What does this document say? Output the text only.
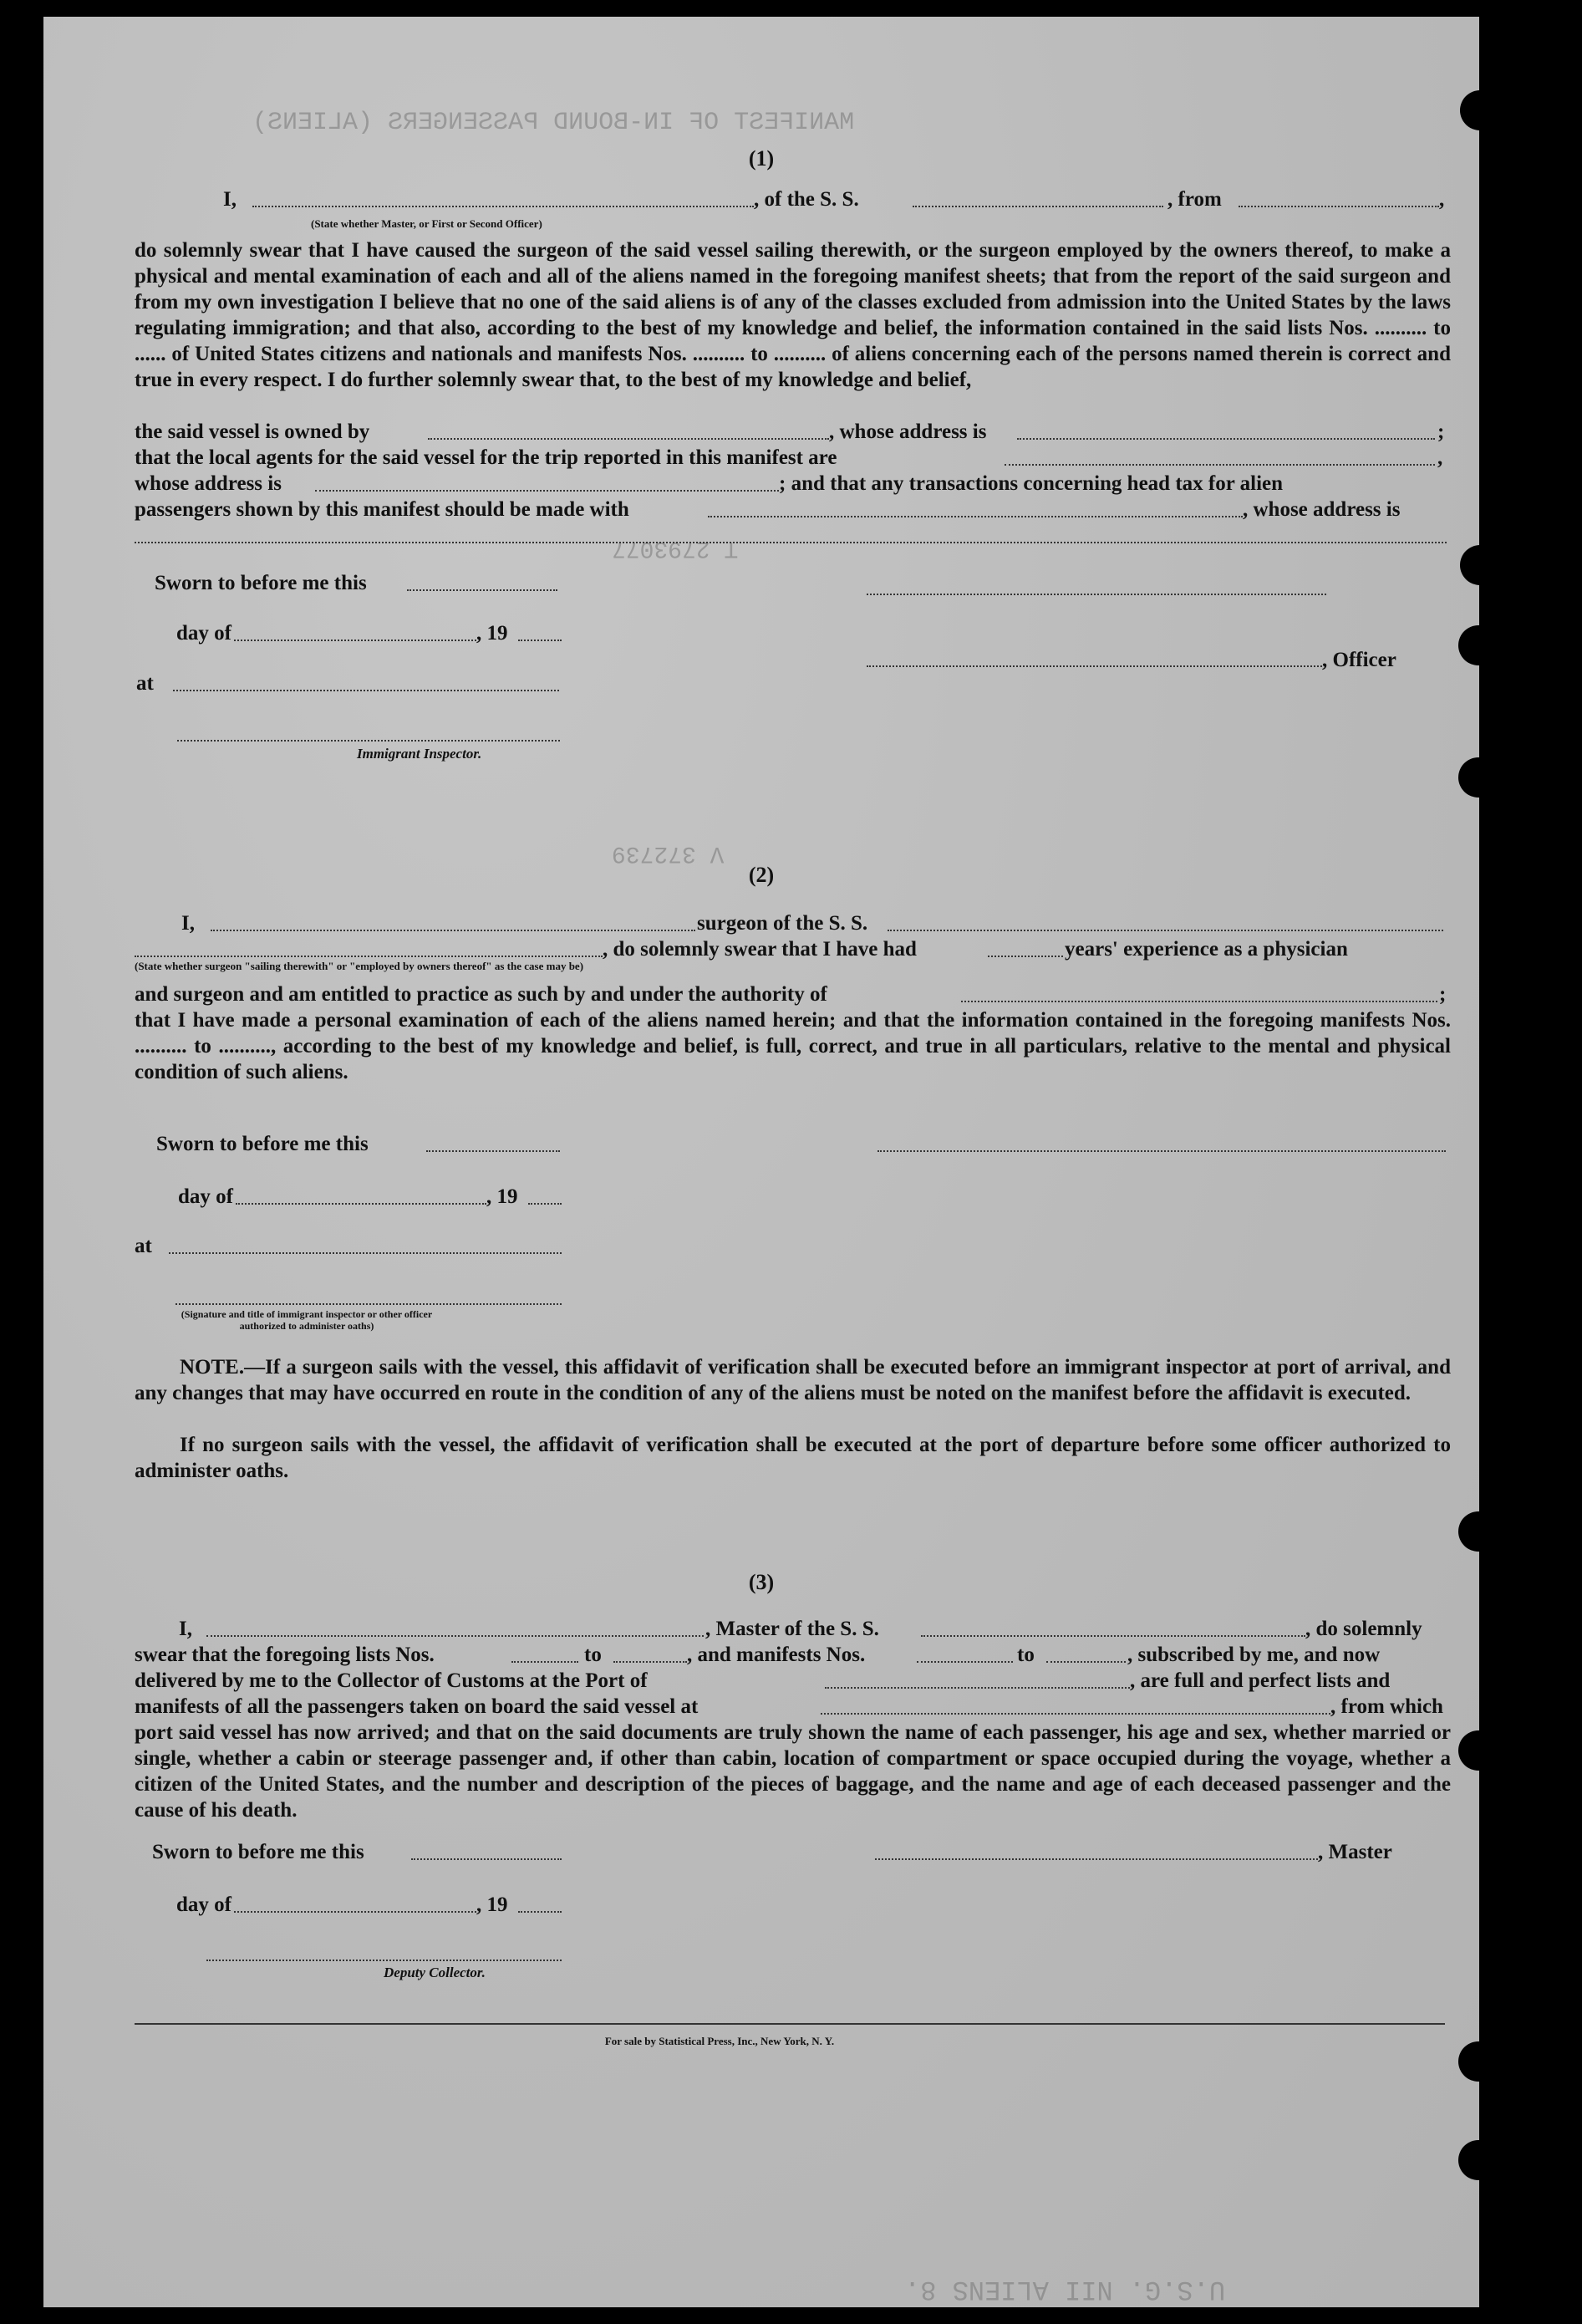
MANIFEST OF IN-BOUND PASSENGERS (ALIENS)
T 2793077
V 372739
U.S.G. NII ALIENS 8.
(1)
I,
(State whether Master, or First or Second Officer)
, of the S. S.	, from	,
do solemnly swear that I have caused the surgeon of the said vessel sailing therewith, or the surgeon employed by the owners thereof, to make a physical and mental examination of each and all of the aliens named in the foregoing manifest sheets; that from the report of the said surgeon and from my own investigation I believe that no one of the said aliens is of any of the classes excluded from admission into the United States by the laws regulating immigration; and that also, according to the best of my knowledge and belief, the information contained in the said lists Nos. .......... to ...... of United States citizens and nationals and manifests Nos. .......... to .......... of aliens concerning each of the persons named therein is correct and true in every respect. I do further solemnly swear that, to the best of my knowledge and belief,
the said vessel is owned by	, whose address is	;
that the local agents for the said vessel for the trip reported in this manifest are	,
whose address is	; and that any transactions concerning head tax for alien
passengers shown by this manifest should be made with	, whose address is
Sworn to before me this
day of	, 19
at
Immigrant Inspector.
, Officer
(2)
I,	surgeon of the S. S.
(State whether surgeon "sailing therewith" or "employed by owners thereof" as the case may be)
, do solemnly swear that I have had	years' experience as a physician
and surgeon and am entitled to practice as such by and under the authority of	;
that I have made a personal examination of each of the aliens named herein; and that the information contained in the foregoing manifests Nos. .......... to .........., according to the best of my knowledge and belief, is full, correct, and true in all particulars, relative to the mental and physical condition of such aliens.
Sworn to before me this
day of	, 19
at
(Signature and title of immigrant inspector or other officer authorized to administer oaths)
NOTE.—If a surgeon sails with the vessel, this affidavit of verification shall be executed before an immigrant inspector at port of arrival, and any changes that may have occurred en route in the condition of any of the aliens must be noted on the manifest before the affidavit is executed.
If no surgeon sails with the vessel, the affidavit of verification shall be executed at the port of departure before some officer authorized to administer oaths.
(3)
I,	, Master of the S. S.	, do solemnly
swear that the foregoing lists Nos.	to	, and manifests Nos.	to	, subscribed by me, and now
delivered by me to the Collector of Customs at the Port of	, are full and perfect lists and
manifests of all the passengers taken on board the said vessel at	, from which
port said vessel has now arrived; and that on the said documents are truly shown the name of each passenger, his age and sex, whether married or single, whether a cabin or steerage passenger and, if other than cabin, location of compartment or space occupied during the voyage, whether a citizen of the United States, and the number and description of the pieces of baggage, and the name and age of each deceased passenger and the cause of his death.
Sworn to before me this	, Master
day of	, 19
Deputy Collector.
For sale by Statistical Press, Inc., New York, N. Y.
